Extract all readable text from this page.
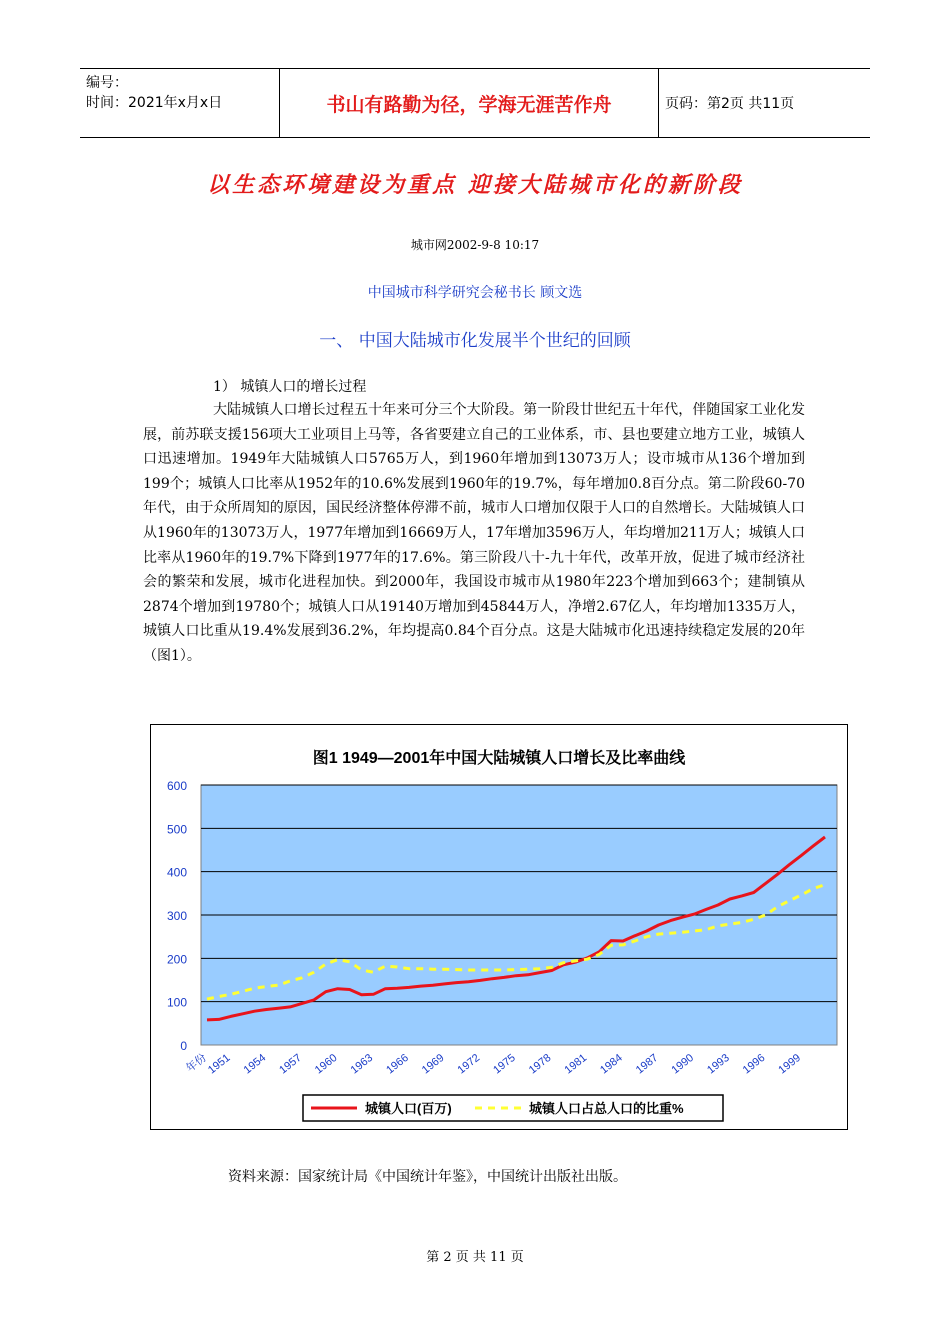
编号：
时间：2021年x月x日	书山有路勤为径，学海无涯苦作舟	页码：第2页 共11页
以生态环境建设为重点 迎接大陆城市化的新阶段
城市网2002-9-8 10:17
中国城市科学研究会秘书长 顾文选
一、 中国大陆城市化发展半个世纪的回顾
1） 城镇人口的增长过程

大陆城镇人口增长过程五十年来可分三个大阶段。第一阶段廿世纪五十年代，伴随国家工业化发展，前苏联支援156项大工业项目上马等，各省要建立自己的工业体系，市、县也要建立地方工业，城镇人口迅速增加。1949年大陆城镇人口5765万人，到1960年增加到13073万人；设市城市从136个增加到199个；城镇人口比率从1952年的10.6%发展到1960年的19.7%，每年增加0.8百分点。第二阶段60-70年代，由于众所周知的原因，国民经济整体停滞不前，城市人口增加仅限于人口的自然增长。大陆城镇人口从1960年的13073万人，1977年增加到16669万人，17年增加3596万人，年均增加211万人；城镇人口比率从1960年的19.7%下降到1977年的17.6%。第三阶段八十-九十年代，改革开放，促进了城市经济社会的繁荣和发展，城市化进程加快。到2000年，我国设市城市从1980年223个增加到663个；建制镇从2874个增加到19780个；城镇人口从19140万增加到45844万人，净增2.67亿人，年均增加1335万人，城镇人口比重从19.4%发展到36.2%，年均提高0.84个百分点。这是大陆城市化迅速持续稳定发展的20年（图1）。

图1 1949—2001年中国大陆城镇人口增长及比率曲线
0
100
200
300
400
500
600
年份
1951 1954 1957 1960 1963 1966 1969 1972 1975 1978 1981 1984 1987 1990 1993 1996 1999
城镇人口(百万)	城镇人口占总人口的比重%
资料来源：国家统计局《中国统计年鉴》，中国统计出版社出版。
第 2 页 共 11 页
